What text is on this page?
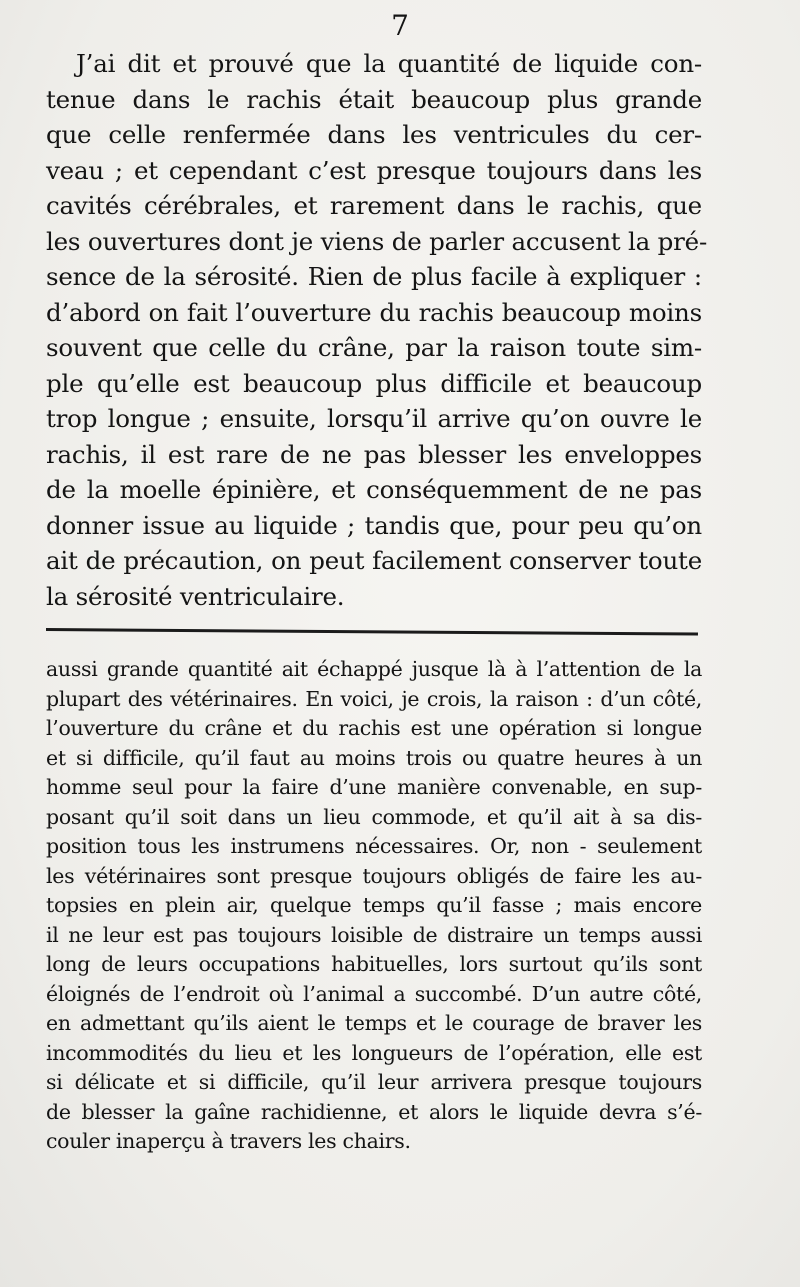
7
J’ai dit et prouvé que la quantité de liquide con-
tenue dans le rachis était beaucoup plus grande
que celle renfermée dans les ventricules du cer-
veau ; et cependant c’est presque toujours dans les
cavités cérébrales, et rarement dans le rachis, que
les ouvertures dont je viens de parler accusent la pré-
sence de la sérosité. Rien de plus facile à expliquer :
d’abord on fait l’ouverture du rachis beaucoup moins
souvent que celle du crâne, par la raison toute sim-
ple qu’elle est beaucoup plus difficile et beaucoup
trop longue ; ensuite, lorsqu’il arrive qu’on ouvre le
rachis, il est rare de ne pas blesser les enveloppes
de la moelle épinière, et conséquemment de ne pas
donner issue au liquide ; tandis que, pour peu qu’on
ait de précaution, on peut facilement conserver toute
la sérosité ventriculaire.
aussi grande quantité ait échappé jusque là à l’attention de la
plupart des vétérinaires. En voici, je crois, la raison : d’un côté,
l’ouverture du crâne et du rachis est une opération si longue
et si difficile, qu’il faut au moins trois ou quatre heures à un
homme seul pour la faire d’une manière convenable, en sup-
posant qu’il soit dans un lieu commode, et qu’il ait à sa dis-
position tous les instrumens nécessaires. Or, non - seulement
les vétérinaires sont presque toujours obligés de faire les au-
topsies en plein air, quelque temps qu’il fasse ; mais encore
il ne leur est pas toujours loisible de distraire un temps aussi
long de leurs occupations habituelles, lors surtout qu’ils sont
éloignés de l’endroit où l’animal a succombé. D’un autre côté,
en admettant qu’ils aient le temps et le courage de braver les
incommodités du lieu et les longueurs de l’opération, elle est
si délicate et si difficile, qu’il leur arrivera presque toujours
de blesser la gaîne rachidienne, et alors le liquide devra s’é-
couler inaperçu à travers les chairs.
